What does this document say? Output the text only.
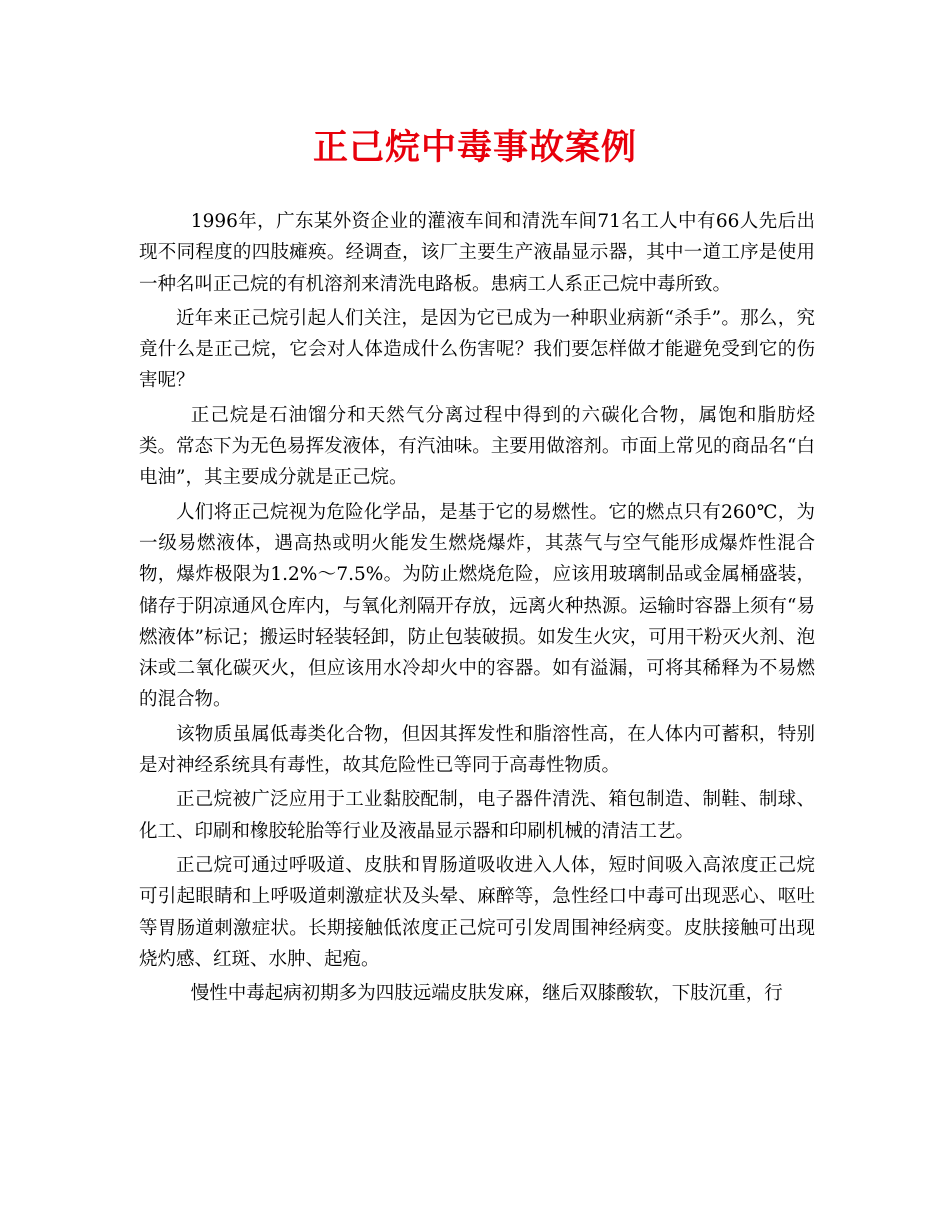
正己烷中毒事故案例

1996年，广东某外资企业的灌液车间和清洗车间71名工人中有66人先后出现不同程度的四肢瘫痪。经调查，该厂主要生产液晶显示器，其中一道工序是使用一种名叫正己烷的有机溶剂来清洗电路板。患病工人系正己烷中毒所致。

近年来正己烷引起人们关注，是因为它已成为一种职业病新“杀手”。那么，究竟什么是正己烷，它会对人体造成什么伤害呢？我们要怎样做才能避免受到它的伤害呢？

正己烷是石油馏分和天然气分离过程中得到的六碳化合物，属饱和脂肪烃类。常态下为无色易挥发液体，有汽油味。主要用做溶剂。市面上常见的商品名“白电油”，其主要成分就是正己烷。

人们将正己烷视为危险化学品，是基于它的易燃性。它的燃点只有260℃，为一级易燃液体，遇高热或明火能发生燃烧爆炸，其蒸气与空气能形成爆炸性混合物，爆炸极限为1.2%～7.5%。为防止燃烧危险，应该用玻璃制品或金属桶盛装，储存于阴凉通风仓库内，与氧化剂隔开存放，远离火种热源。运输时容器上须有“易燃液体”标记；搬运时轻装轻卸，防止包装破损。如发生火灾，可用干粉灭火剂、泡沫或二氧化碳灭火，但应该用水冷却火中的容器。如有溢漏，可将其稀释为不易燃的混合物。

该物质虽属低毒类化合物，但因其挥发性和脂溶性高，在人体内可蓄积，特别是对神经系统具有毒性，故其危险性已等同于高毒性物质。

正己烷被广泛应用于工业黏胶配制，电子器件清洗、箱包制造、制鞋、制球、化工、印刷和橡胶轮胎等行业及液晶显示器和印刷机械的清洁工艺。

正己烷可通过呼吸道、皮肤和胃肠道吸收进入人体，短时间吸入高浓度正己烷可引起眼睛和上呼吸道刺激症状及头晕、麻醉等，急性经口中毒可出现恶心、呕吐等胃肠道刺激症状。长期接触低浓度正己烷可引发周围神经病变。皮肤接触可出现烧灼感、红斑、水肿、起疱。

慢性中毒起病初期多为四肢远端皮肤发麻，继后双膝酸软，下肢沉重，行
